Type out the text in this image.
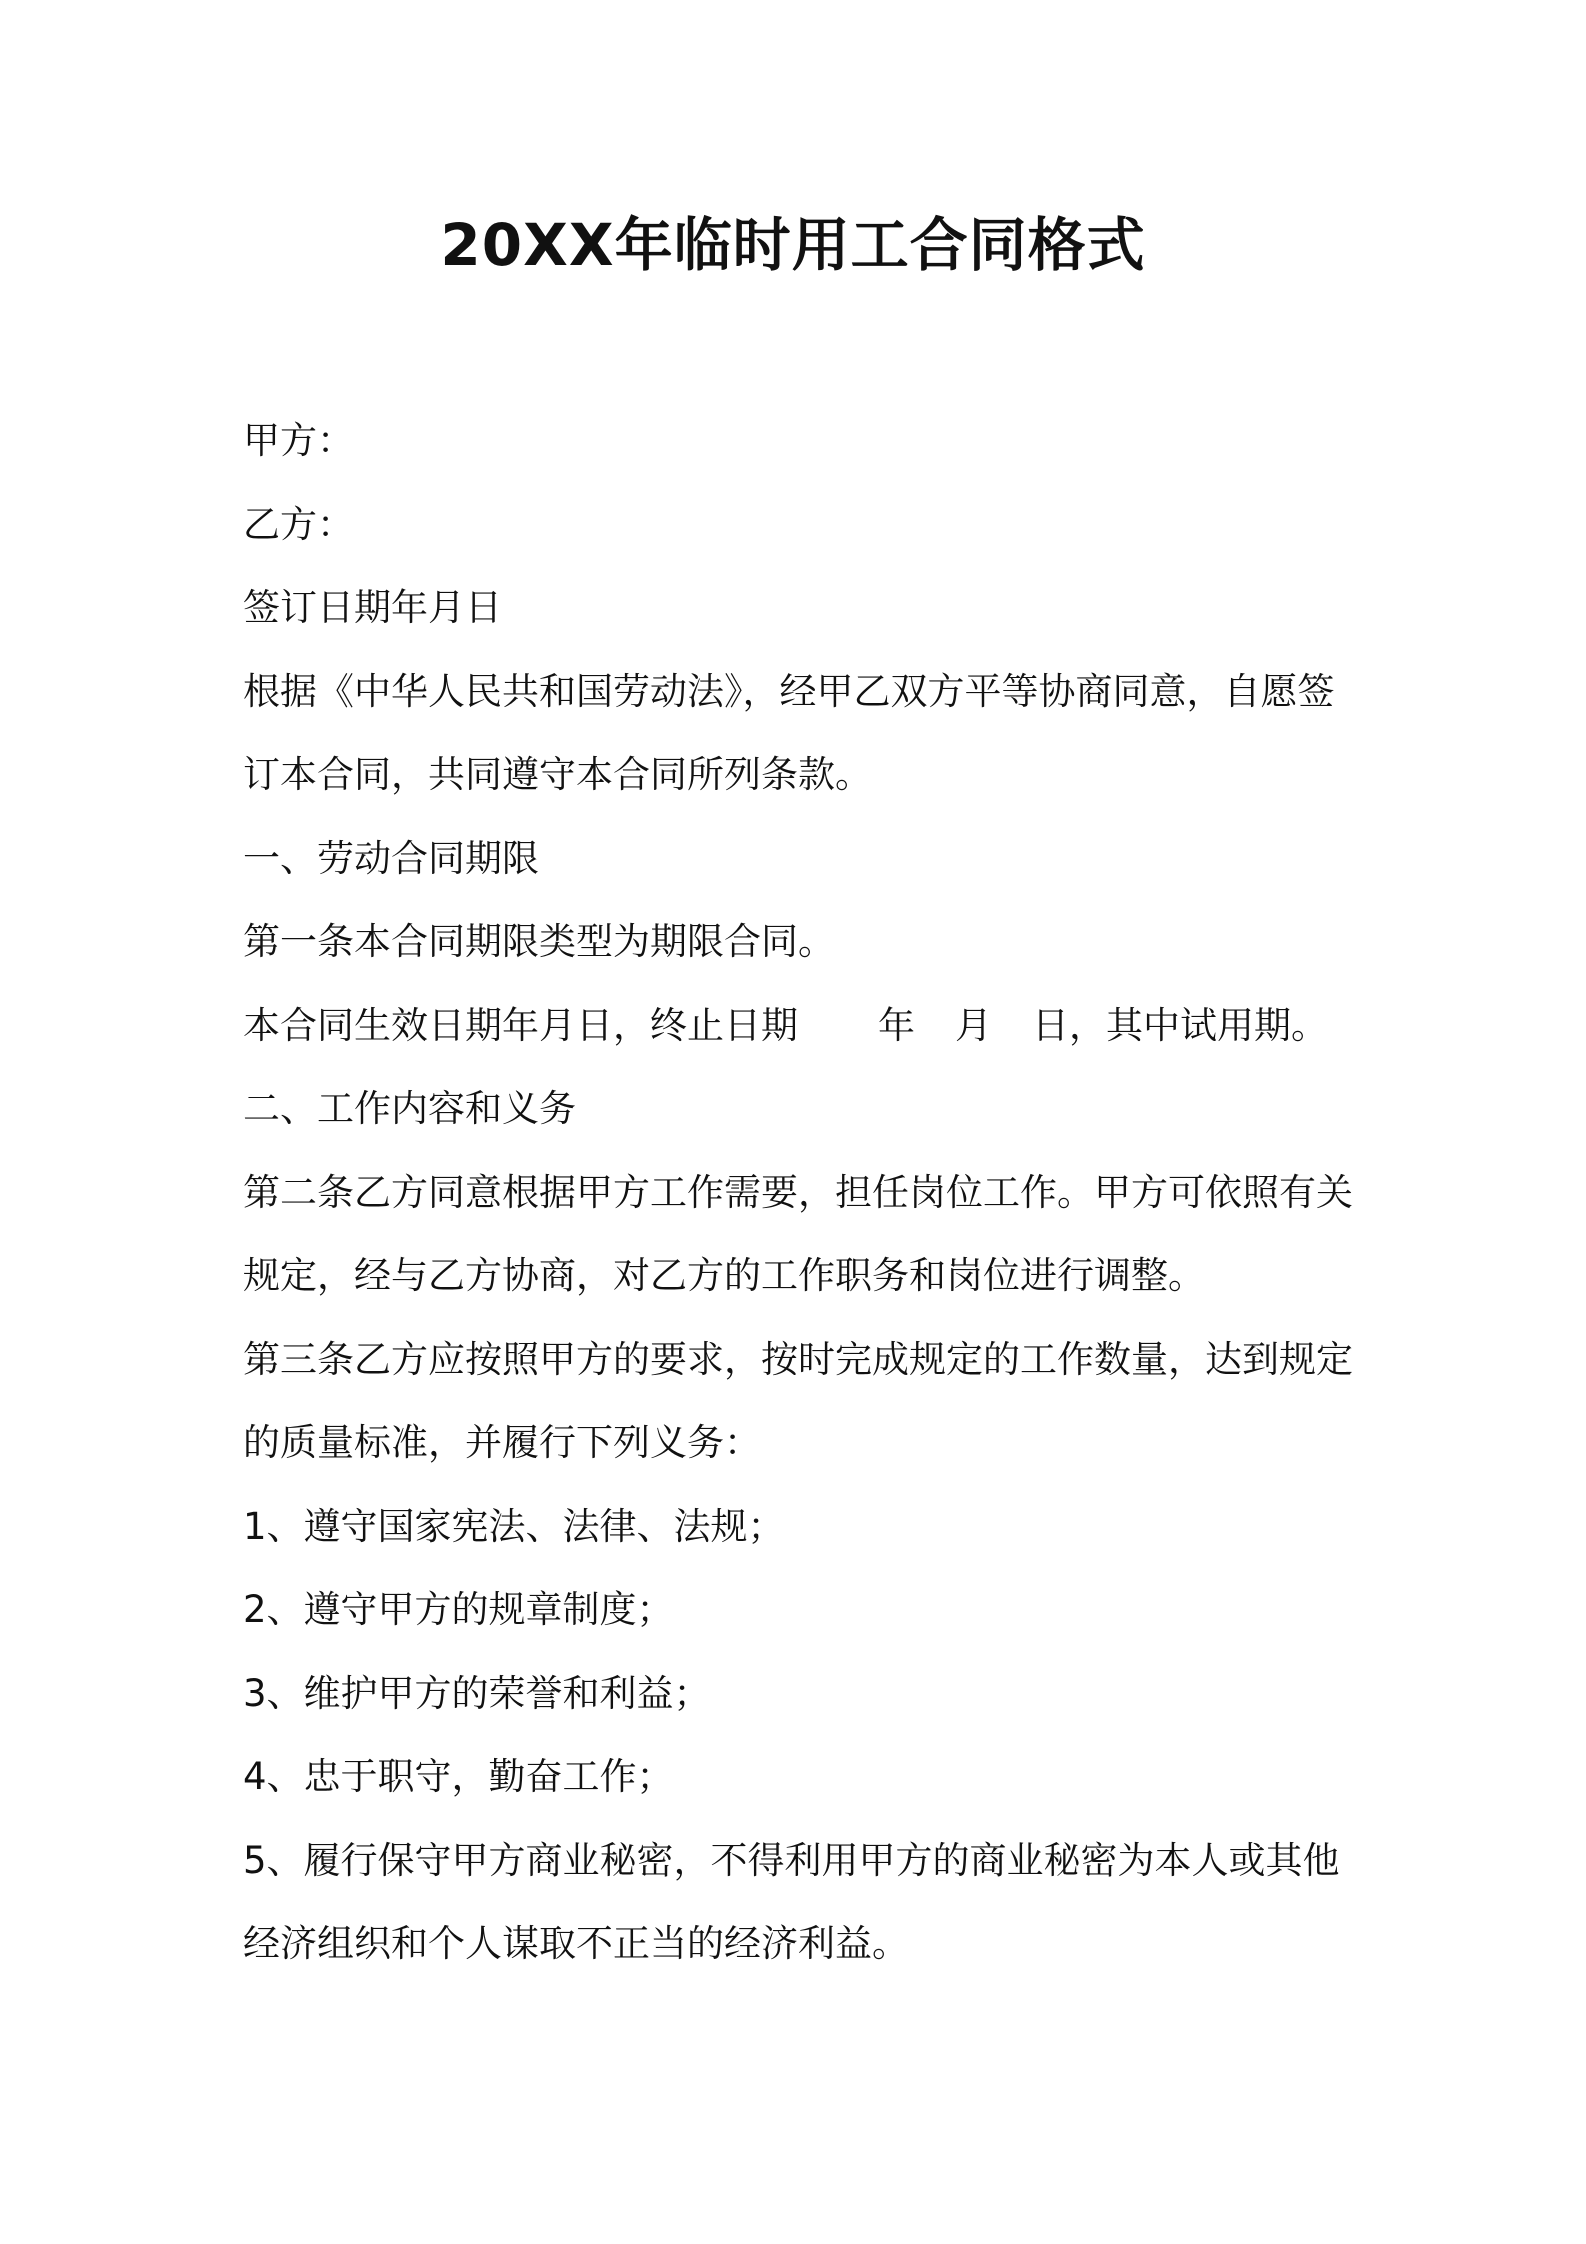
20XX年临时用工合同格式
甲方：
乙方：
签订日期年月日
根据《中华人民共和国劳动法》，经甲乙双方平等协商同意，自愿签
订本合同，共同遵守本合同所列条款。
一、劳动合同期限
第一条本合同期限类型为期限合同。
本合同生效日期年月日，终止日期 年 月 日，其中试用期。
二、工作内容和义务
第二条乙方同意根据甲方工作需要，担任岗位工作。甲方可依照有关
规定，经与乙方协商，对乙方的工作职务和岗位进行调整。
第三条乙方应按照甲方的要求，按时完成规定的工作数量，达到规定
的质量标准，并履行下列义务：
1、遵守国家宪法、法律、法规；
2、遵守甲方的规章制度；
3、维护甲方的荣誉和利益；
4、忠于职守，勤奋工作；
5、履行保守甲方商业秘密，不得利用甲方的商业秘密为本人或其他
经济组织和个人谋取不正当的经济利益。
